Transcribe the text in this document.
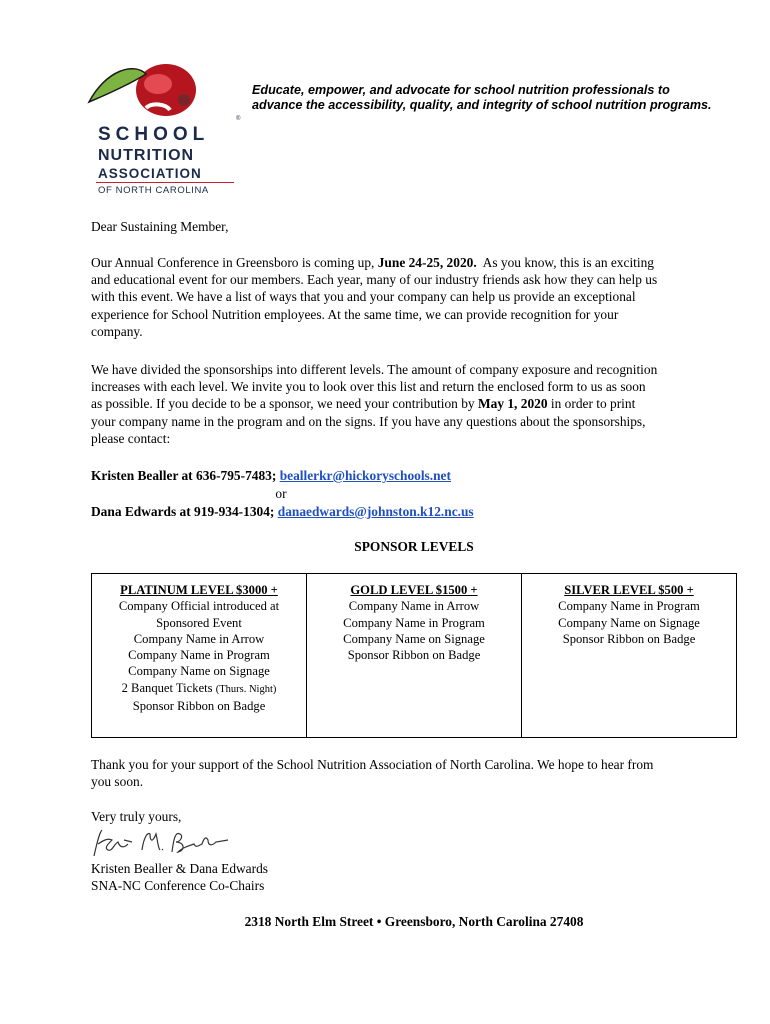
®
SCHOOL
NUTRITION
ASSOCIATION
OF NORTH CAROLINA
Educate, empower, and advocate for school nutrition professionals to
advance the accessibility, quality, and integrity of school nutrition programs.
Dear Sustaining Member,
Our Annual Conference in Greensboro is coming up, June 24-25, 2020. As you know, this is an exciting
and educational event for our members. Each year, many of our industry friends ask how they can help us
with this event. We have a list of ways that you and your company can help us provide an exceptional
experience for School Nutrition employees. At the same time, we can provide recognition for your
company.
We have divided the sponsorships into different levels. The amount of company exposure and recognition
increases with each level. We invite you to look over this list and return the enclosed form to us as soon
as possible. If you decide to be a sponsor, we need your contribution by May 1, 2020 in order to print
your company name in the program and on the signs. If you have any questions about the sponsorships,
please contact:
Kristen Bealler at 636-795-7483; beallerkr@hickoryschools.net
or
Dana Edwards at 919-934-1304; danaedwards@johnston.k12.nc.us
SPONSOR LEVELS
PLATINUM LEVEL $3000 +
Company Official introduced at
Sponsored Event
Company Name in Arrow
Company Name in Program
Company Name on Signage
2 Banquet Tickets (Thurs. Night)
Sponsor Ribbon on Badge
GOLD LEVEL $1500 +
Company Name in Arrow
Company Name in Program
Company Name on Signage
Sponsor Ribbon on Badge
SILVER LEVEL $500 +
Company Name in Program
Company Name on Signage
Sponsor Ribbon on Badge
Thank you for your support of the School Nutrition Association of North Carolina. We hope to hear from
you soon.
Very truly yours,
Kristen Bealler & Dana Edwards
SNA-NC Conference Co-Chairs
2318 North Elm Street • Greensboro, North Carolina 27408
